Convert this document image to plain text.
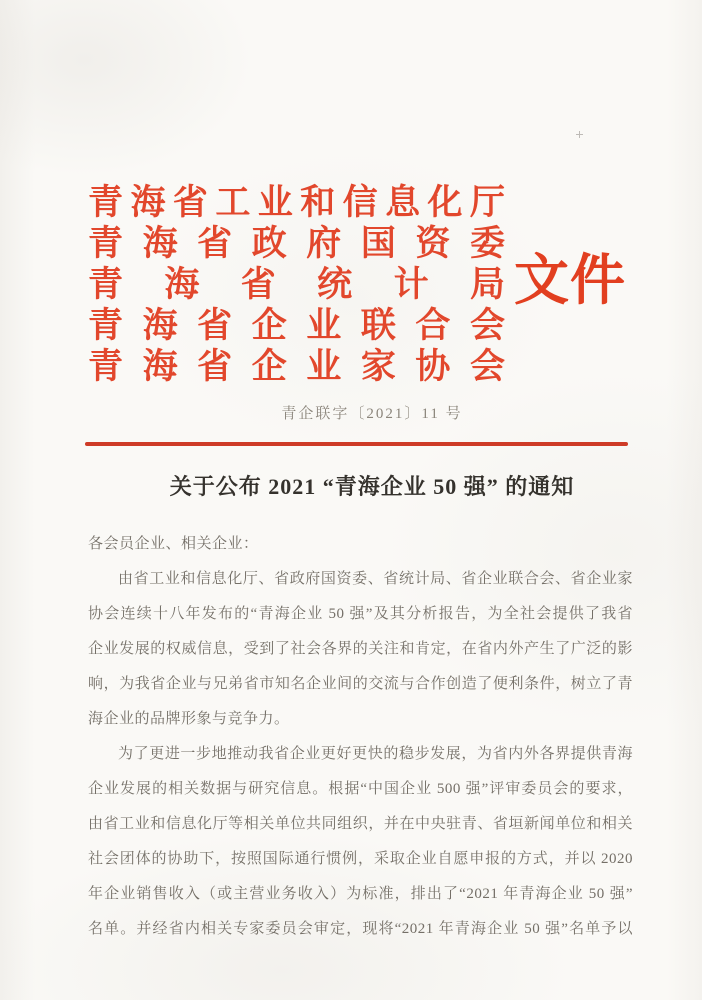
青 海 省 工 业 和 信 息 化 厅
青 海 省 政 府 国 资 委
青 海 省 统 计 局
青 海 省 企 业 联 合 会
青 海 省 企 业 家 协 会
文件
青企联字〔2021〕11 号
关于公布 2021 “青海企业 50 强” 的通知

各会员企业、相关企业：

由省工业和信息化厅、省政府国资委、省统计局、省企业联合会、省企业家

协会连续十八年发布的“青海企业 50 强”及其分析报告，为全社会提供了我省

企业发展的权威信息，受到了社会各界的关注和肯定，在省内外产生了广泛的影

响，为我省企业与兄弟省市知名企业间的交流与合作创造了便利条件，树立了青

海企业的品牌形象与竞争力。

为了更进一步地推动我省企业更好更快的稳步发展，为省内外各界提供青海

企业发展的相关数据与研究信息。根据“中国企业 500 强”评审委员会的要求，

由省工业和信息化厅等相关单位共同组织，并在中央驻青、省垣新闻单位和相关

社会团体的协助下，按照国际通行惯例，采取企业自愿申报的方式，并以 2020

年企业销售收入（或主营业务收入）为标准，排出了“2021 年青海企业 50 强”

名单。并经省内相关专家委员会审定，现将“2021 年青海企业 50 强”名单予以
